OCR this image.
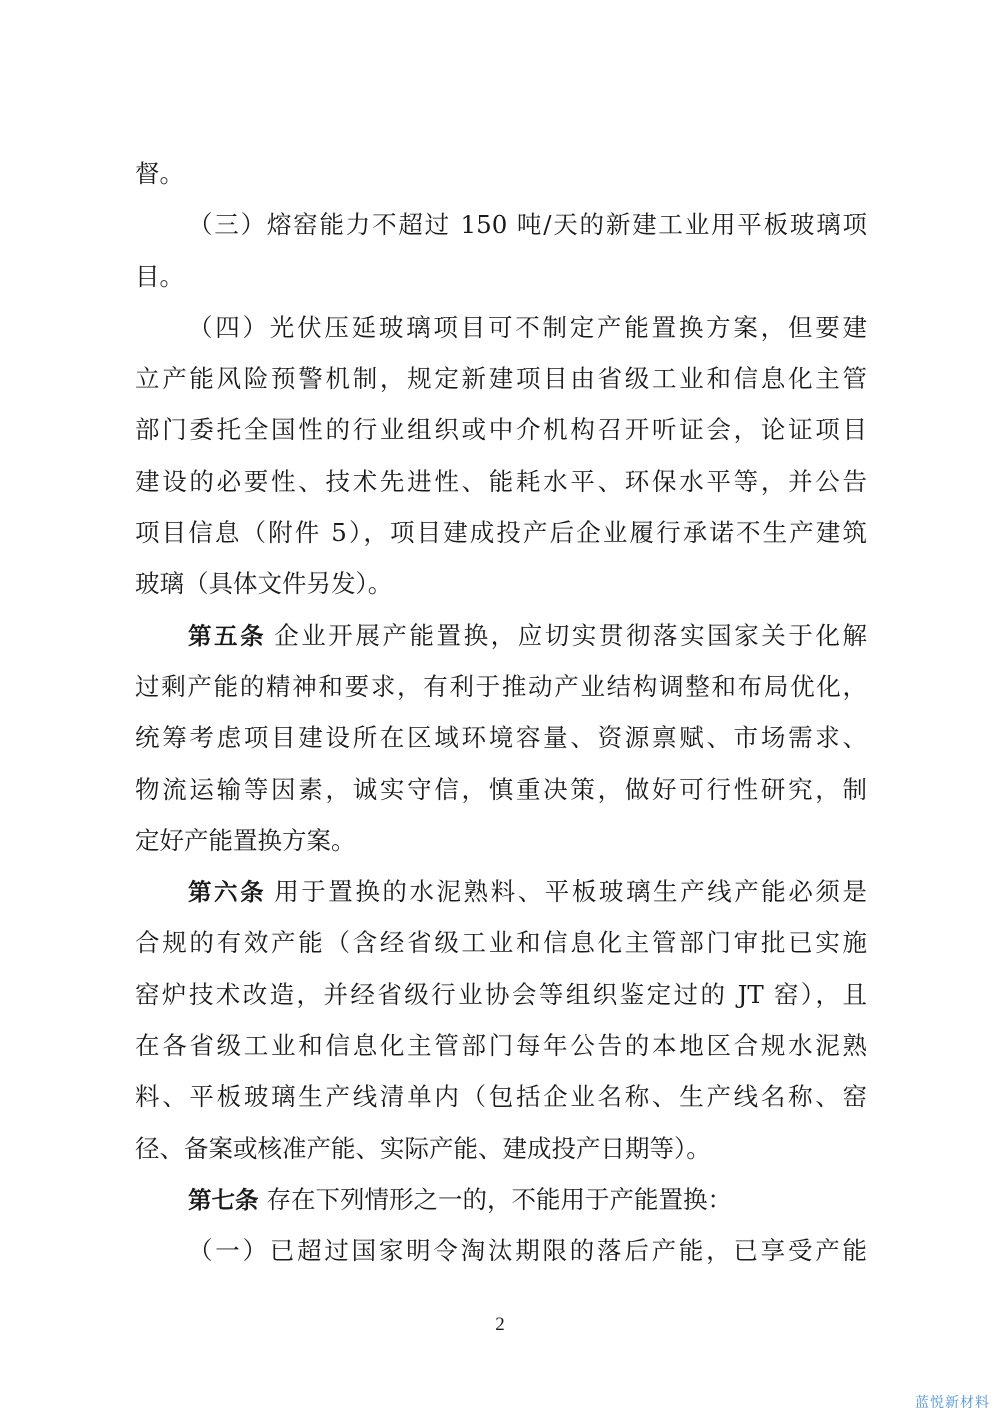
督。
（三）熔窑能力不超过 150 吨/天的新建工业用平板玻璃项
目。
（四）光伏压延玻璃项目可不制定产能置换方案，但要建
立产能风险预警机制，规定新建项目由省级工业和信息化主管
部门委托全国性的行业组织或中介机构召开听证会，论证项目
建设的必要性、技术先进性、能耗水平、环保水平等，并公告
项目信息（附件 5），项目建成投产后企业履行承诺不生产建筑
玻璃（具体文件另发）。
第五条 企业开展产能置换，应切实贯彻落实国家关于化解
过剩产能的精神和要求，有利于推动产业结构调整和布局优化，
统筹考虑项目建设所在区域环境容量、资源禀赋、市场需求、
物流运输等因素，诚实守信，慎重决策，做好可行性研究，制
定好产能置换方案。
第六条 用于置换的水泥熟料、平板玻璃生产线产能必须是
合规的有效产能（含经省级工业和信息化主管部门审批已实施
窑炉技术改造，并经省级行业协会等组织鉴定过的 JT 窑），且
在各省级工业和信息化主管部门每年公告的本地区合规水泥熟
料、平板玻璃生产线清单内（包括企业名称、生产线名称、窑
径、备案或核准产能、实际产能、建成投产日期等）。
第七条 存在下列情形之一的，不能用于产能置换：
（一）已超过国家明令淘汰期限的落后产能，已享受产能
2
蓝悦新材料
